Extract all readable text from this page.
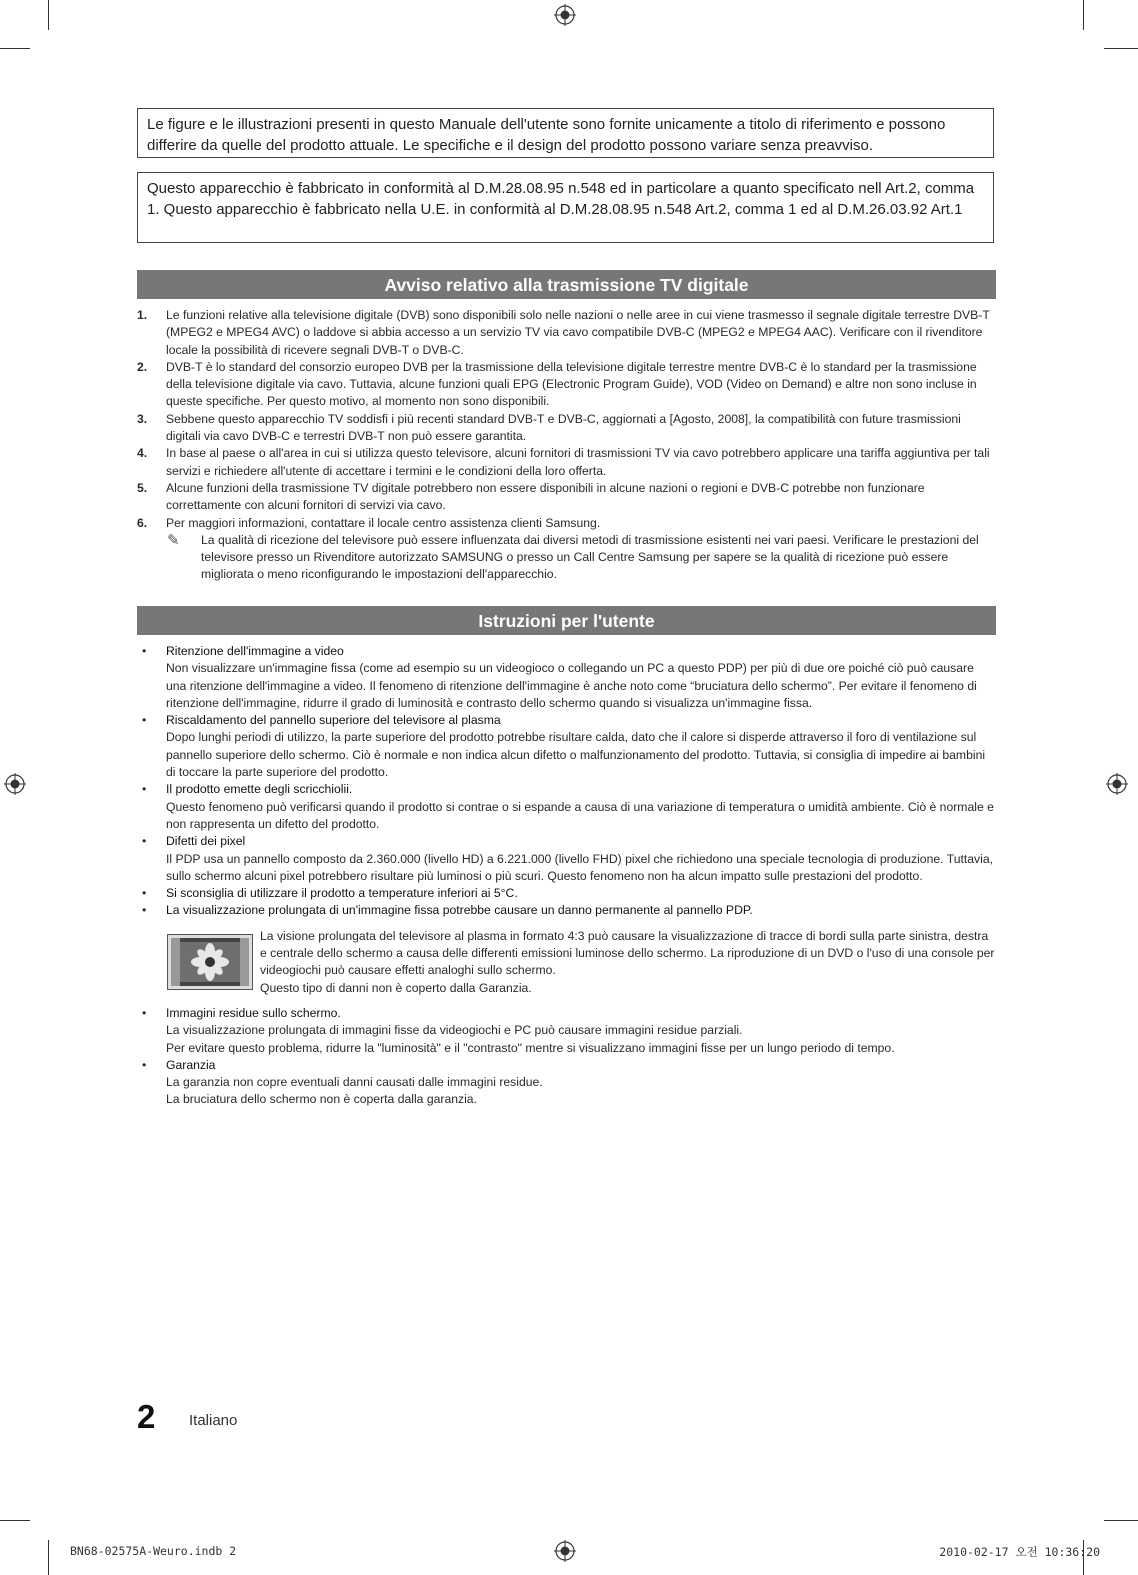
Le figure e le illustrazioni presenti in questo Manuale dell'utente sono fornite unicamente a titolo di riferimento e possono differire da quelle del prodotto attuale. Le specifiche e il design del prodotto possono variare senza preavviso.
Questo apparecchio è fabbricato in conformità al D.M.28.08.95 n.548 ed in particolare a quanto specificato nell Art.2, comma 1. Questo apparecchio è fabbricato nella U.E. in conformità al D.M.28.08.95 n.548 Art.2, comma 1 ed al D.M.26.03.92 Art.1
Avviso relativo alla trasmissione TV digitale
1. Le funzioni relative alla televisione digitale (DVB) sono disponibili solo nelle nazioni o nelle aree in cui viene trasmesso il segnale digitale terrestre DVB-T (MPEG2 e MPEG4 AVC) o laddove si abbia accesso a un servizio TV via cavo compatibile DVB-C (MPEG2 e MPEG4 AAC). Verificare con il rivenditore locale la possibilità di ricevere segnali DVB-T o DVB-C.
2. DVB-T è lo standard del consorzio europeo DVB per la trasmissione della televisione digitale terrestre mentre DVB-C è lo standard per la trasmissione della televisione digitale via cavo. Tuttavia, alcune funzioni quali EPG (Electronic Program Guide), VOD (Video on Demand) e altre non sono incluse in queste specifiche. Per questo motivo, al momento non sono disponibili.
3. Sebbene questo apparecchio TV soddisfi i più recenti standard DVB-T e DVB-C, aggiornati a [Agosto, 2008], la compatibilità con future trasmissioni digitali via cavo DVB-C e terrestri DVB-T non può essere garantita.
4. In base al paese o all'area in cui si utilizza questo televisore, alcuni fornitori di trasmissioni TV via cavo potrebbero applicare una tariffa aggiuntiva per tali servizi e richiedere all'utente di accettare i termini e le condizioni della loro offerta.
5. Alcune funzioni della trasmissione TV digitale potrebbero non essere disponibili in alcune nazioni o regioni e DVB-C potrebbe non funzionare correttamente con alcuni fornitori di servizi via cavo.
6. Per maggiori informazioni, contattare il locale centro assistenza clienti Samsung.
✎ La qualità di ricezione del televisore può essere influenzata dai diversi metodi di trasmissione esistenti nei vari paesi. Verificare le prestazioni del televisore presso un Rivenditore autorizzato SAMSUNG o presso un Call Centre Samsung per sapere se la qualità di ricezione può essere migliorata o meno riconfigurando le impostazioni dell'apparecchio.
Istruzioni per l'utente
• Ritenzione dell'immagine a video
Non visualizzare un'immagine fissa (come ad esempio su un videogioco o collegando un PC a questo PDP) per più di due ore poiché ciò può causare una ritenzione dell'immagine a video. Il fenomeno di ritenzione dell'immagine è anche noto come “bruciatura dello schermo”. Per evitare il fenomeno di ritenzione dell'immagine, ridurre il grado di luminosità e contrasto dello schermo quando si visualizza un'immagine fissa.
• Riscaldamento del pannello superiore del televisore al plasma
Dopo lunghi periodi di utilizzo, la parte superiore del prodotto potrebbe risultare calda, dato che il calore si disperde attraverso il foro di ventilazione sul pannello superiore dello schermo. Ciò è normale e non indica alcun difetto o malfunzionamento del prodotto. Tuttavia, si consiglia di impedire ai bambini di toccare la parte superiore del prodotto.
• Il prodotto emette degli scricchiolii.
Questo fenomeno può verificarsi quando il prodotto si contrae o si espande a causa di una variazione di temperatura o umidità ambiente. Ciò è normale e non rappresenta un difetto del prodotto.
• Difetti dei pixel
Il PDP usa un pannello composto da 2.360.000 (livello HD) a 6.221.000 (livello FHD) pixel che richiedono una speciale tecnologia di produzione. Tuttavia, sullo schermo alcuni pixel potrebbero risultare più luminosi o più scuri. Questo fenomeno non ha alcun impatto sulle prestazioni del prodotto.
• Si sconsiglia di utilizzare il prodotto a temperature inferiori ai 5°C.
• La visualizzazione prolungata di un'immagine fissa potrebbe causare un danno permanente al pannello PDP.
La visione prolungata del televisore al plasma in formato 4:3 può causare la visualizzazione di tracce di bordi sulla parte sinistra, destra e centrale dello schermo a causa delle differenti emissioni luminose dello schermo. La riproduzione di un DVD o l'uso di una console per videogiochi può causare effetti analoghi sullo schermo.
Questo tipo di danni non è coperto dalla Garanzia.
• Immagini residue sullo schermo.
La visualizzazione prolungata di immagini fisse da videogiochi e PC può causare immagini residue parziali.
Per evitare questo problema, ridurre la "luminosità" e il "contrasto" mentre si visualizzano immagini fisse per un lungo periodo di tempo.
• Garanzia
La garanzia non copre eventuali danni causati dalle immagini residue.
La bruciatura dello schermo non è coperta dalla garanzia.
2 Italiano
BN68-02575A-Weuro.indb 2	2010-02-17 오전 10:36:20
